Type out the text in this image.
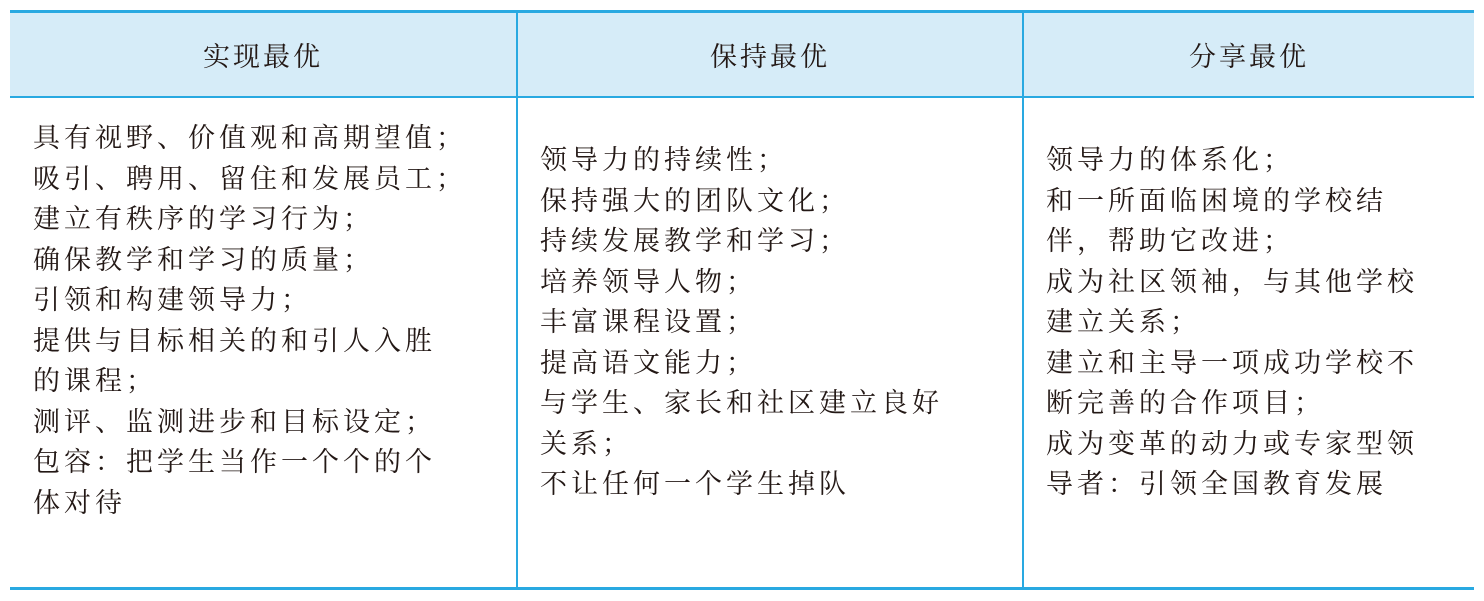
实现最优	保持最优	分享最优
具有视野、价值观和高期望值；
吸引、聘用、留住和发展员工；
建立有秩序的学习行为；
确保教学和学习的质量；
引领和构建领导力；
提供与目标相关的和引人入胜
的课程；
测评、监测进步和目标设定；
包容：把学生当作一个个的个
体对待
领导力的持续性；
保持强大的团队文化；
持续发展教学和学习；
培养领导人物；
丰富课程设置；
提高语文能力；
与学生、家长和社区建立良好
关系；
不让任何一个学生掉队
领导力的体系化；
和一所面临困境的学校结
伴，帮助它改进；
成为社区领袖，与其他学校
建立关系；
建立和主导一项成功学校不
断完善的合作项目；
成为变革的动力或专家型领
导者：引领全国教育发展
